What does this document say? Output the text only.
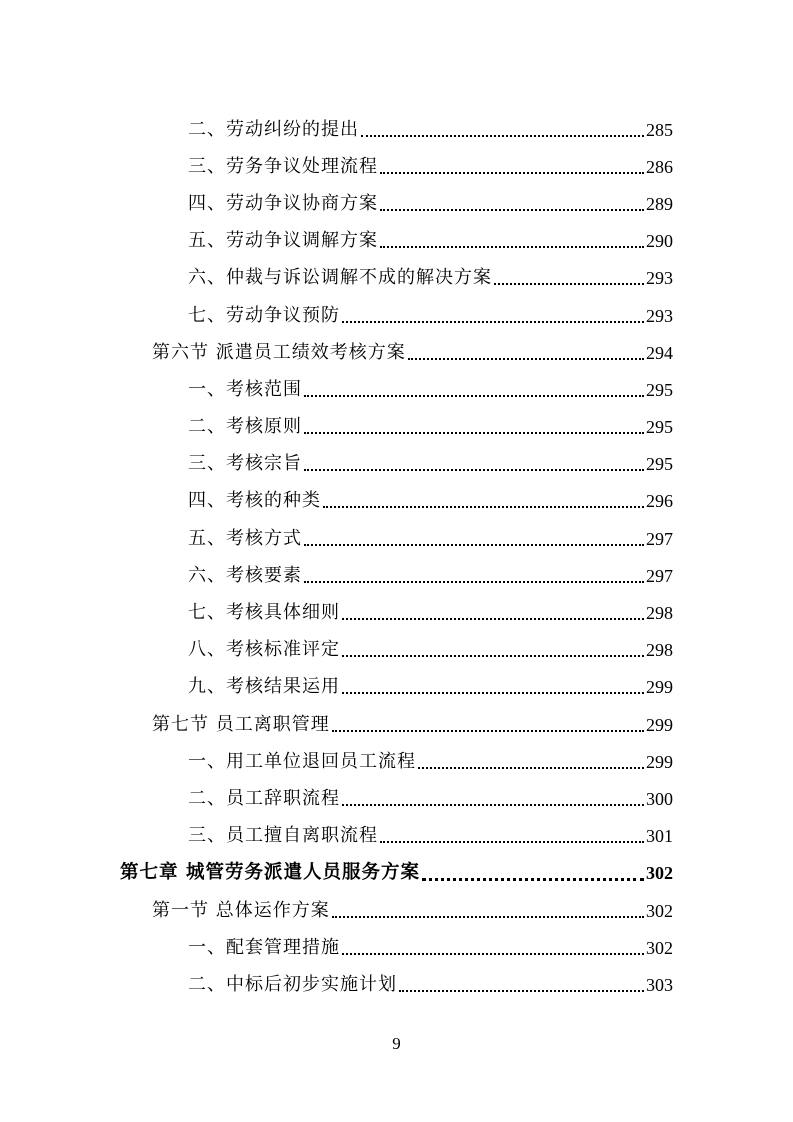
二、劳动纠纷的提出	285
三、劳务争议处理流程	286
四、劳动争议协商方案	289
五、劳动争议调解方案	290
六、仲裁与诉讼调解不成的解决方案	293
七、劳动争议预防	293
第六节 派遣员工绩效考核方案	294
一、考核范围	295
二、考核原则	295
三、考核宗旨	295
四、考核的种类	296
五、考核方式	297
六、考核要素	297
七、考核具体细则	298
八、考核标准评定	298
九、考核结果运用	299
第七节 员工离职管理	299
一、用工单位退回员工流程	299
二、员工辞职流程	300
三、员工擅自离职流程	301
第七章 城管劳务派遣人员服务方案	302
第一节 总体运作方案	302
一、配套管理措施	302
二、中标后初步实施计划	303
9
